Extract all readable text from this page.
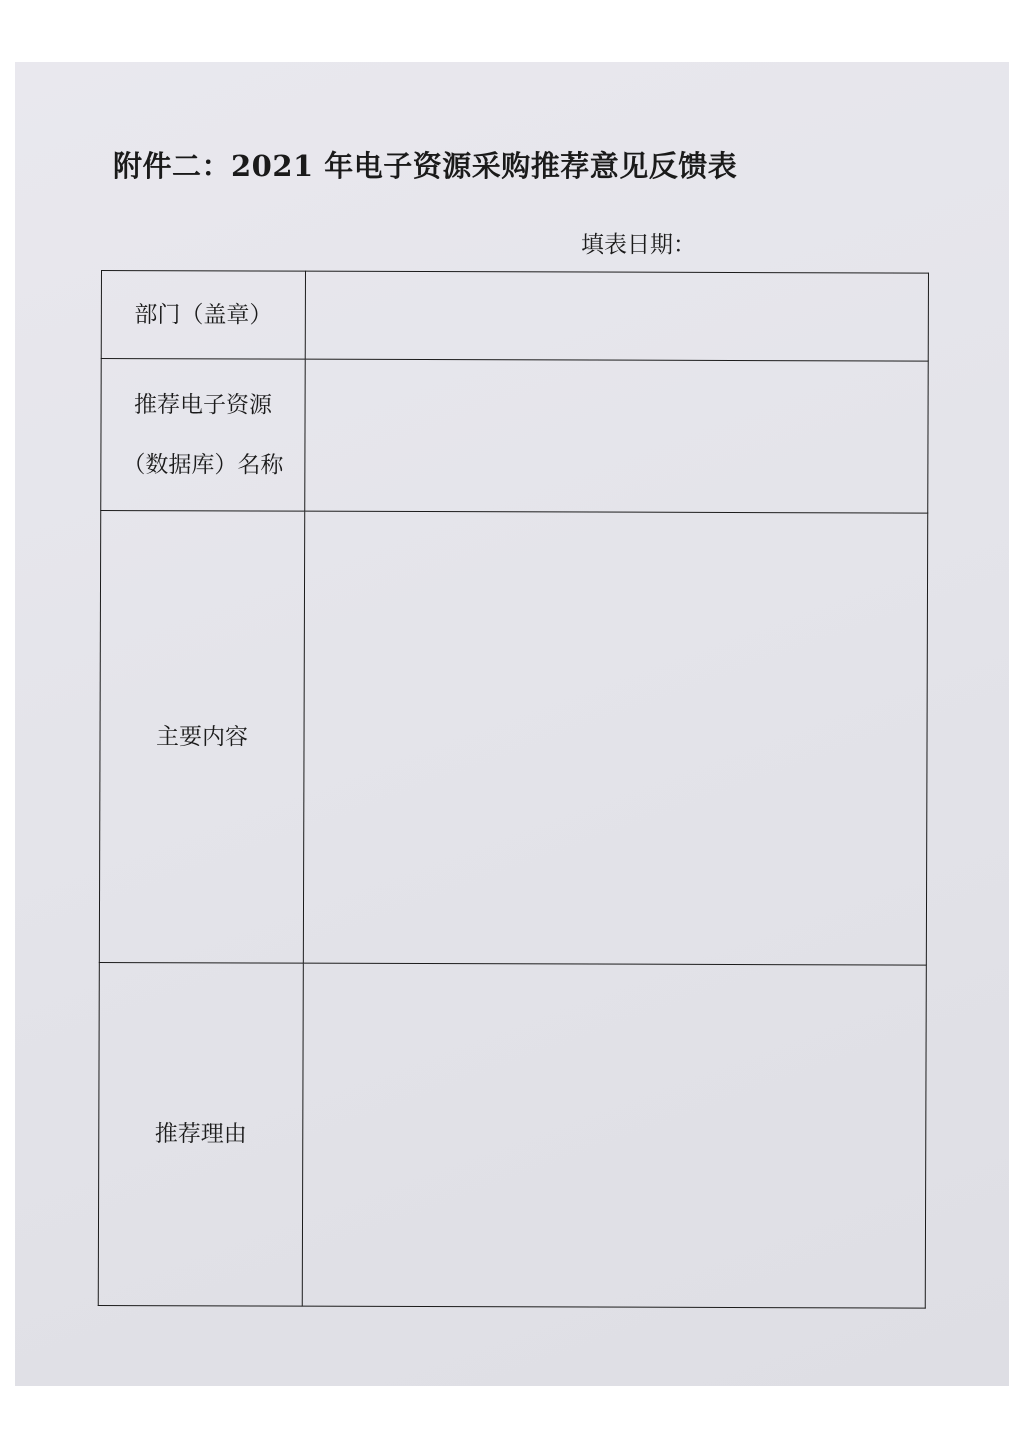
附件二：2021 年电子资源采购推荐意见反馈表
填表日期：
部门（盖章）	

推荐电子资源
（数据库）名称	

主要内容	

推荐理由	
